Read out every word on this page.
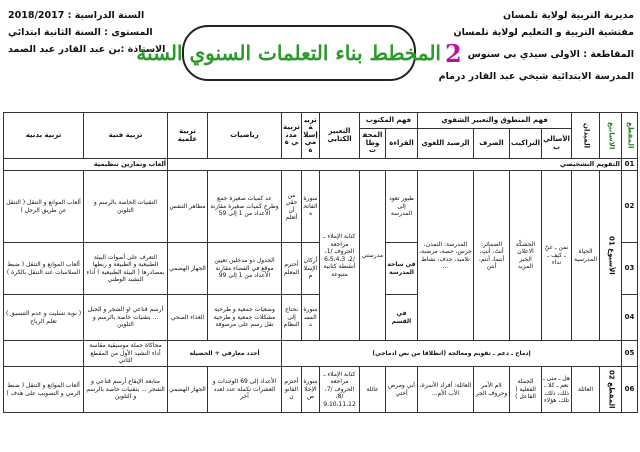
مديرية التربية لولاية تلمسان
مفتشية التربية و التعليم لولاية تلمسان
المقاطعة : الاولى سيدي بي سنوس
المدرسة الابتدائية شيخي عبد القادر درمام
السنة الدراسية : 2018/2017
المستوى : السنة الثانية ابتدائي
الاستاذة :بن عبد القادر عبد الصمد
المخطط بناء التعلمات السنوي السنة 2
المقطع	الاسابيع	الميدان	فهم المنطوق والتعبير الشفوي				فهم المكتوب		التعبير الكتابي	تربية إسلامي ة	تربية مدني ة	رياضيات	تربية علمية	تربية فنية	تربية بدنية
			الأسالي ب	التراكيب	الصرف	الرصيد اللغوي	القراءة	المحفوظا ت							
01	التقويم التشخيصي													ألعاب وتمارين تنظيمية	
02	الأسبوع 01	الحياة المدرسية	نمن ـ عنّ ـ كيف ـ نداء	الحشكّة الاعلان الخبر المزيد	الضمائر: أنتَ، أنتِ، أنتما، أنتم، أنتن	المدرسة: التمدن، حرس، حصة، مرضبة، تلاميذ، حذف، نشاط ...	طيور تعود إلى المدرسة	مدرستي	كتابة الإملاء ـ مراجعة الحروف /1، /2، 6،5،4،3 أنشطة كتابية متنوعة	سورة الفاتحة	من حقي أن أتعلم	عد كميات صغيرة جمع وطرح كميات صغيرة مقارنة الأعداد من 1 إلى 59	مظاهر التنفس	التقنيات الخاصة بالرسم و التلوين	ألعاب الموانع و التنقل ( التنقل عن طريق الرجل )
03							في ساحة المدرسة			أركان الإسلام	أحترم المعلم	الجدول ذو مدخلين تعيين موقع في الفضاء مقارنة الأعداد من 1 إلى 99	الجهاز الهضمي	التعرف على أصوات البيئة الطبيعية و الطبيعة و ربطها بمصادرها ( البيئة الطبيعية ) أداء النشيد الوطني	ألعاب الموانع و التنقل ( ضبط السلاسات عند التنقل بالكرة )
04							في القسم			سورة المسد	نحتاج إلى النظام	وضعيات جمعية و طرحية مشكلات جمعية و طرحية نقل رسم على مرصوفة	الغذاء الصحي	أرسم قناعي او الشجر و الجبل ... بتقنيات خاصة بالرسم و التلوين	( نوبة نسليت و عدم التنسيق ) تعلم الرياح
05	إدماج ـ دعم ـ تقويم ومعالجة (انطلاقا من نص ادماجي)											أحدد معارفي + الحصيلة		محاكاة جملة موسيقية مقاسة أداء النشيد الأول من المقطع الثاني	
06	المقطع 02	العائلة	هل ـ متى ـ نعم ـ كلا ـ ذلك، ذلك، تلك، هؤلاء	الجملة الفعلية ( الفاعل )	لام الأمر وحروف الجر	العائلة: أفراد الأسرة، الأب الأم...	أبي ومرض أختي	عائلة	كتابة الإملاء ـ مراجعة الحروف /7، /8، 9،10،11،12	سورة الإخلاص	أحترم القانون	الأعداد إلى 69 الوحدات و العشرات تكملة عدد لعدد آخر	الجهاز الهضمي	متابعة الإيقاع أرسم قناعي و الشجر ... بتقنيات خاصة بالرسم و التلوين	ألعاب الموانع و التنقل ( ضبط الرمي و التصويب على هدف )
